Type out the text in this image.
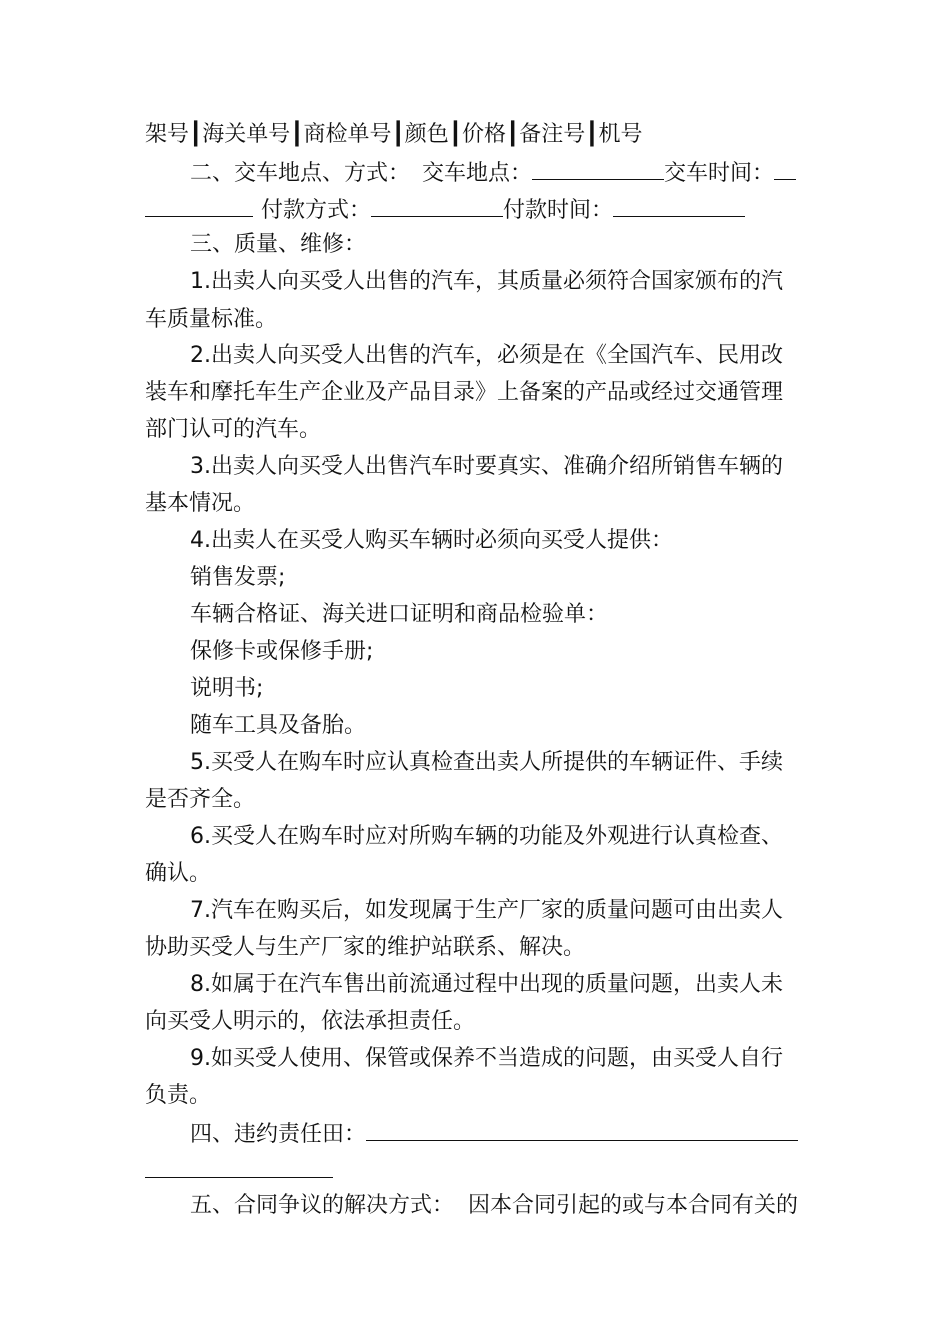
架号┃海关单号┃商检单号┃颜色┃价格┃备注号┃机号
二、交车地点、方式： 交车地点：	交车时间：
付款方式：	付款时间：
三、质量、维修：
1.出卖人向买受人出售的汽车，其质量必须符合国家颁布的汽
车质量标准。
2.出卖人向买受人出售的汽车，必须是在《全国汽车、民用改
装车和摩托车生产企业及产品目录》上备案的产品或经过交通管理
部门认可的汽车。
3.出卖人向买受人出售汽车时要真实、准确介绍所销售车辆的
基本情况。
4.出卖人在买受人购买车辆时必须向买受人提供：
销售发票;
车辆合格证、海关进口证明和商品检验单：
保修卡或保修手册;
说明书;
随车工具及备胎。
5.买受人在购车时应认真检查出卖人所提供的车辆证件、手续
是否齐全。
6.买受人在购车时应对所购车辆的功能及外观进行认真检查、
确认。
7.汽车在购买后，如发现属于生产厂家的质量问题可由出卖人
协助买受人与生产厂家的维护站联系、解决。
8.如属于在汽车售出前流通过程中出现的质量问题，出卖人未
向买受人明示的，依法承担责任。
9.如买受人使用、保管或保养不当造成的问题，由买受人自行
负责。
四、违约责任田：
五、合同争议的解决方式： 因本合同引起的或与本合同有关的
